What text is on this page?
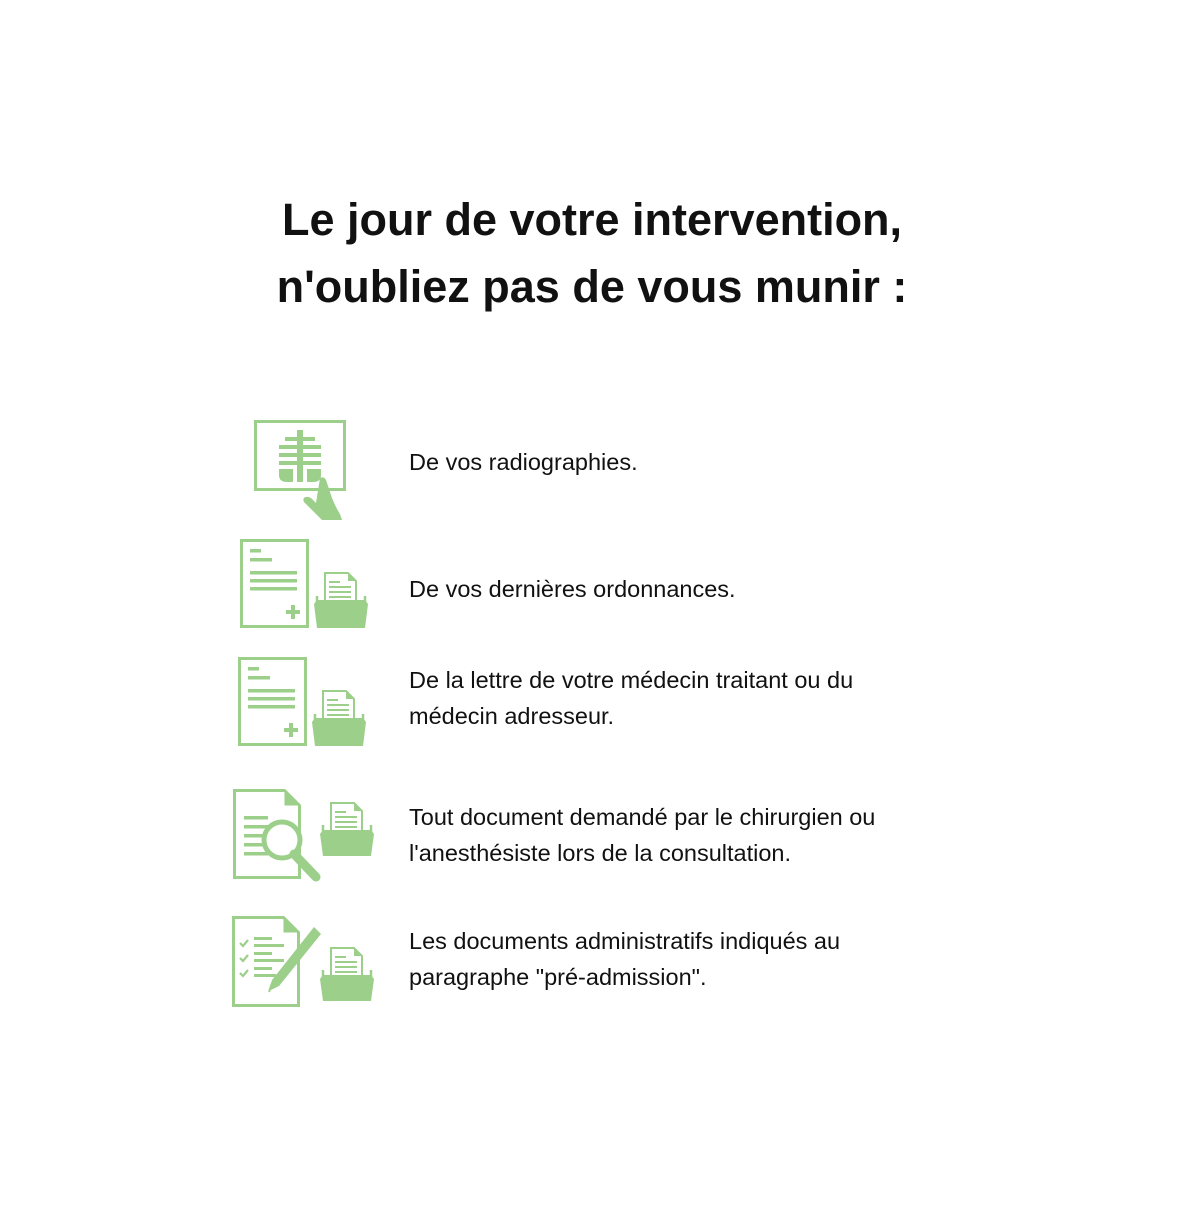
Le jour de votre intervention,
n'oubliez pas de vous munir :
De vos radiographies.
De vos dernières ordonnances.
De la lettre de votre médecin traitant ou du
médecin adresseur.
Tout document demandé par le chirurgien ou
l'anesthésiste lors de la consultation.
Les documents administratifs indiqués au
paragraphe "pré-admission".
